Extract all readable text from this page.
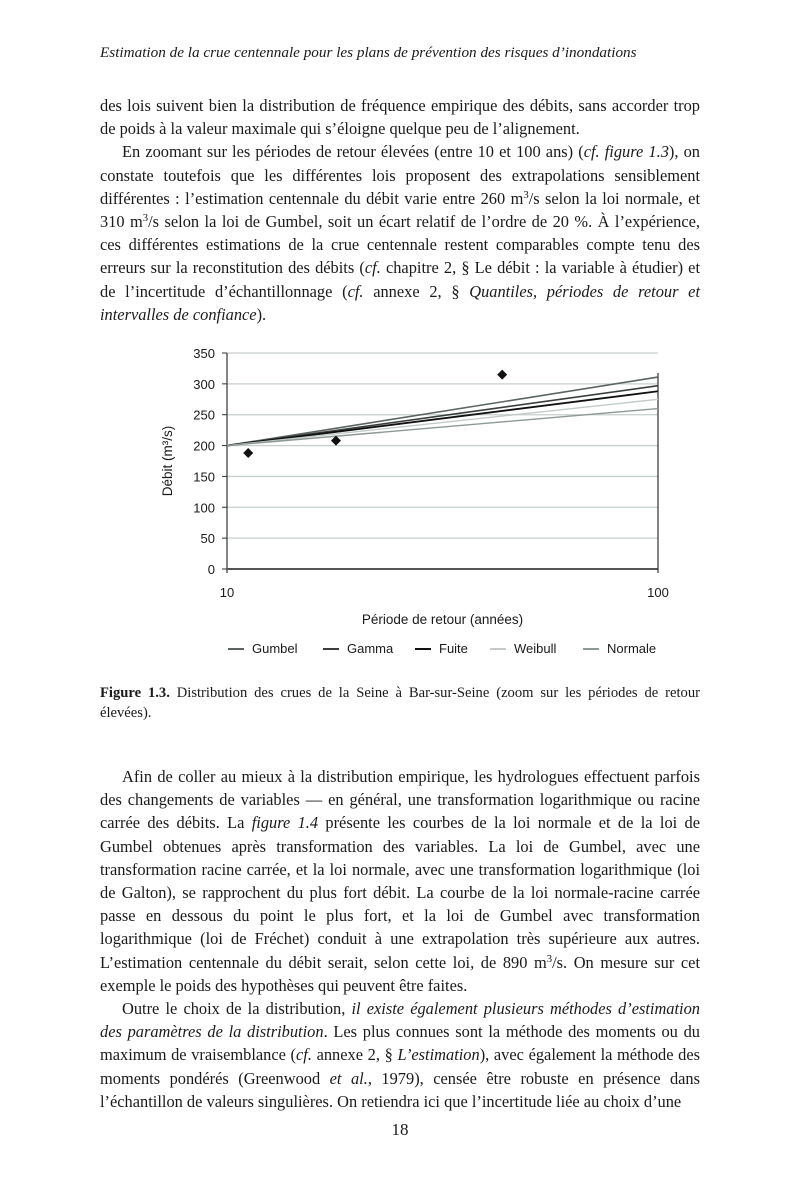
Estimation de la crue centennale pour les plans de prévention des risques d’inondations

des lois suivent bien la distribution de fréquence empirique des débits, sans accorder trop de poids à la valeur maximale qui s’éloigne quelque peu de l’alignement.

En zoomant sur les périodes de retour élevées (entre 10 et 100 ans) (cf. figure 1.3), on constate toutefois que les différentes lois proposent des extrapolations sensiblement différentes : l’estimation centennale du débit varie entre 260 $m^3/s$ selon la loi normale, et 310 $m^3/s$ selon la loi de Gumbel, soit un écart relatif de l’ordre de 20 %. À l’expérience, ces différentes estimations de la crue centennale restent comparables compte tenu des erreurs sur la reconstitution des débits (cf. chapitre 2, § Le débit : la variable à étudier) et de l’incertitude d’échantillonnage (cf. annexe 2, § Quantiles, périodes de retour et intervalles de confiance).

0
50
100
150
200
250
300
350
10	100
Période de retour (années)
Débit (m³/s)
Gumbel	Gamma	Fuite	Weibull	Normale
Figure 1.3. Distribution des crues de la Seine à Bar-sur-Seine (zoom sur les périodes de retour élevées).

Afin de coller au mieux à la distribution empirique, les hydrologues effectuent parfois des changements de variables — en général, une transformation logarithmique ou racine carrée des débits. La figure 1.4 présente les courbes de la loi normale et de la loi de Gumbel obtenues après transformation des variables. La loi de Gumbel, avec une transformation racine carrée, et la loi normale, avec une transformation logarithmique (loi de Galton), se rapprochent du plus fort débit. La courbe de la loi normale-racine carrée passe en dessous du point le plus fort, et la loi de Gumbel avec transformation logarithmique (loi de Fréchet) conduit à une extrapolation très supérieure aux autres. L’estimation centennale du débit serait, selon cette loi, de 890 $m^3/s$. On mesure sur cet exemple le poids des hypothèses qui peuvent être faites.

Outre le choix de la distribution, il existe également plusieurs méthodes d’estimation des paramètres de la distribution. Les plus connues sont la méthode des moments ou du maximum de vraisemblance (cf. annexe 2, § L’estimation), avec également la méthode des moments pondérés (Greenwood et al., 1979), censée être robuste en présence dans l’échantillon de valeurs singulières. On retiendra ici que l’incertitude liée au choix d’une

18
